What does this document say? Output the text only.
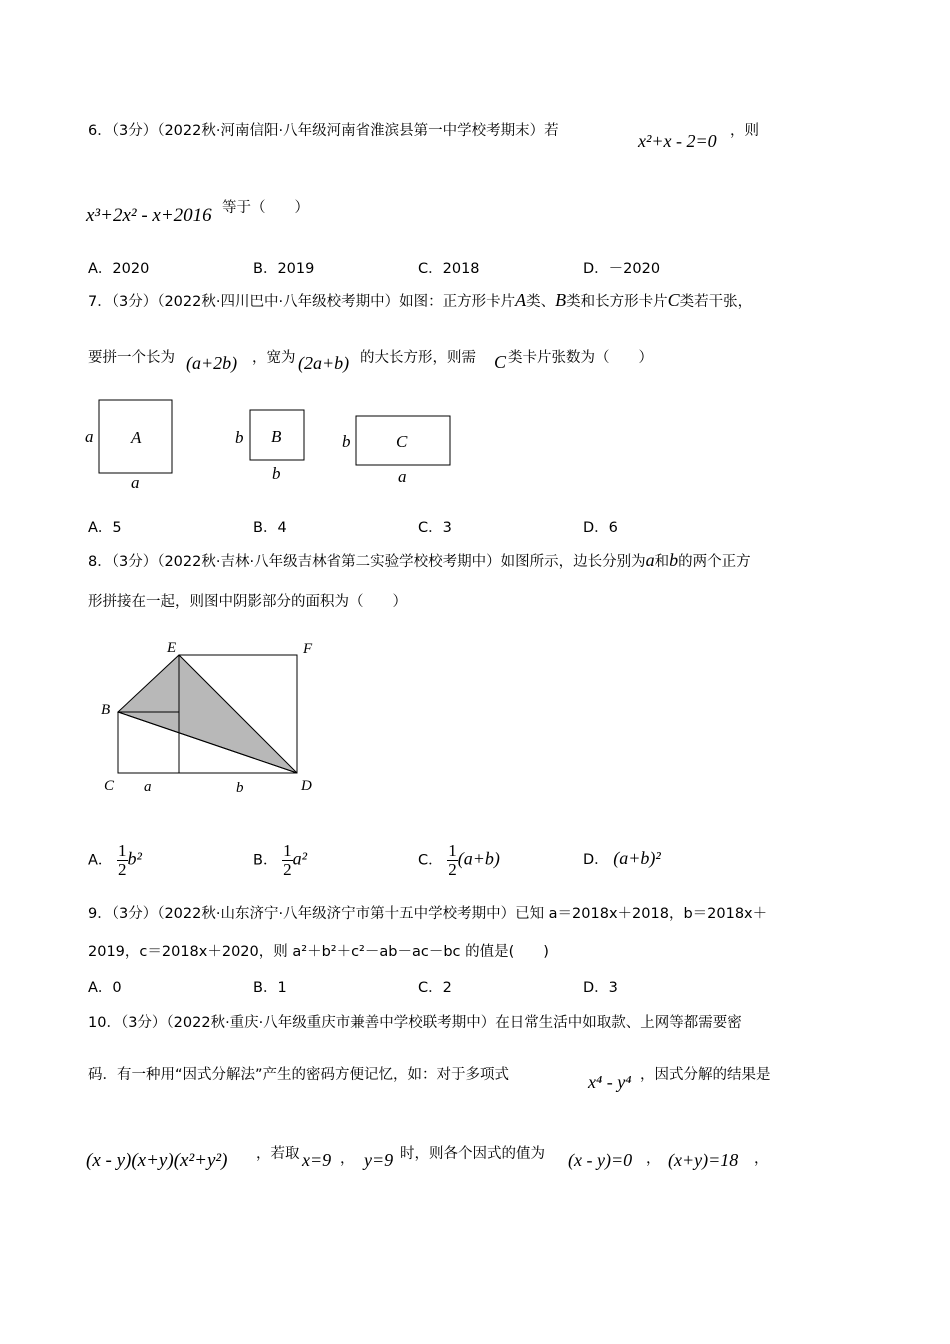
6．（3分）（2022秋·河南信阳·八年级河南省淮滨县第一中学校考期末）若	x²+x - 2=0 ，则
x³+2x² - x+2016 等于（　　）
A．2020	B．2019	C．2018	D．－2020
7．（3分）（2022秋·四川巴中·八年级校考期中）如图：正方形卡片A类、B类和长方形卡片C类若干张，
要拼一个长为 (a+2b) ，宽为 (2a+b) 的大长方形，则需 C 类卡片张数为（　　）
a A
a
b B
b
b	C
a
A．5	B．4	C．3	D．6
8．（3分）（2022秋·吉林·八年级吉林省第二实验学校校考期中）如图所示，边长分别为a和b的两个正方
形拼接在一起，则图中阴影部分的面积为（　　）
E	F
B
C	D
a	b
A． $\frac{1}{2} b^2$	B． $\frac{1}{2} a^2$	C． $\frac{1}{2} (a+b)$	D． (a+b)²
9．（3分）（2022秋·山东济宁·八年级济宁市第十五中学校考期中）已知 a＝2018x＋2018，b＝2018x＋
2019，c＝2018x＋2020，则 a²＋b²＋c²－ab－ac－bc 的值是(　　)
A．0	B．1	C．2	D．3
10．（3分）（2022秋·重庆·八年级重庆市兼善中学校联考期中）在日常生活中如取款、上网等都需要密
码．有一种用“因式分解法”产生的密码方便记忆，如：对于多项式	x⁴ - y⁴ ，因式分解的结果是
(x - y)(x+y)(x²+y²) ，若取 x=9 ， y=9 时，则各个因式的值为 (x - y)=0 ， (x+y)=18 ，
